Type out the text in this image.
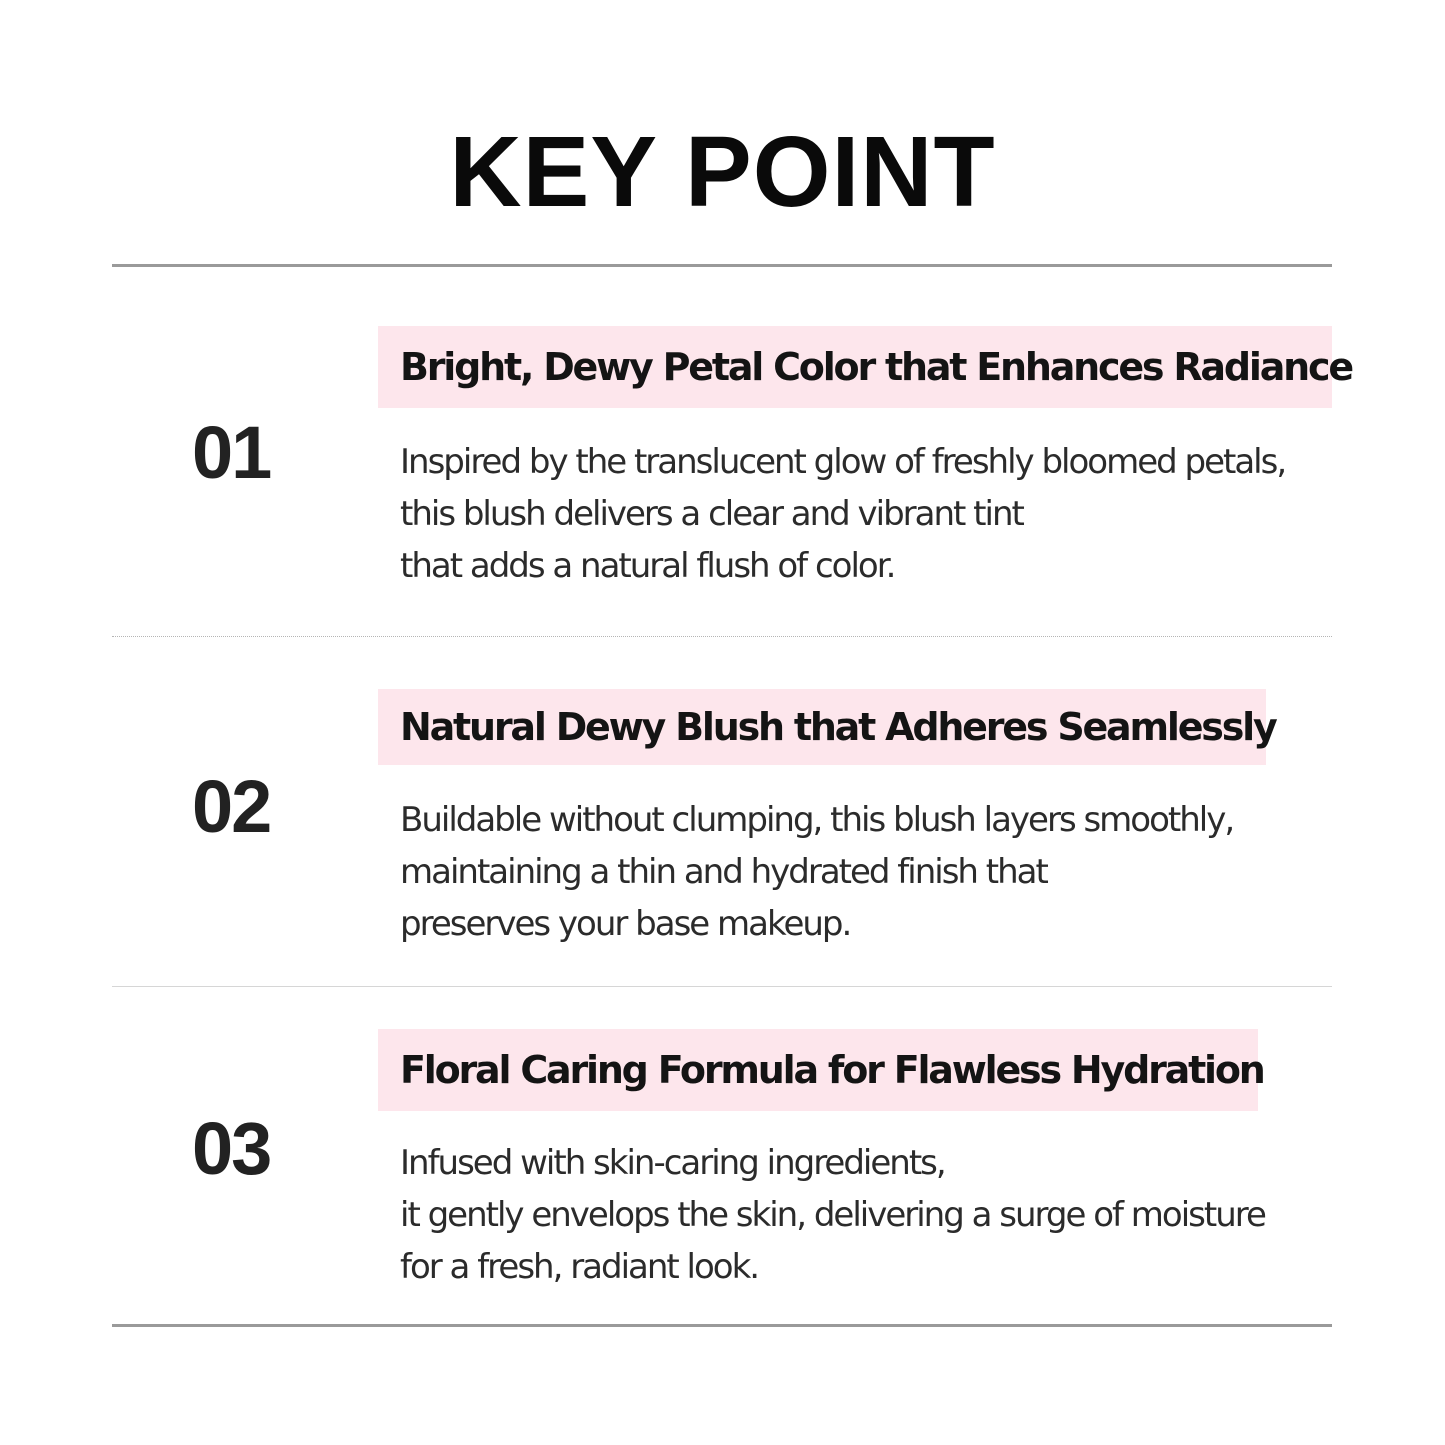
KEY POINT
Bright, Dewy Petal Color that Enhances Radiance
01	Inspired by the translucent glow of freshly bloomed petals,
this blush delivers a clear and vibrant tint
that adds a natural flush of color.
Natural Dewy Blush that Adheres Seamlessly
02	Buildable without clumping, this blush layers smoothly,
maintaining a thin and hydrated finish that
preserves your base makeup.
Floral Caring Formula for Flawless Hydration
03	Infused with skin-caring ingredients,
it gently envelops the skin, delivering a surge of moisture
for a fresh, radiant look.
